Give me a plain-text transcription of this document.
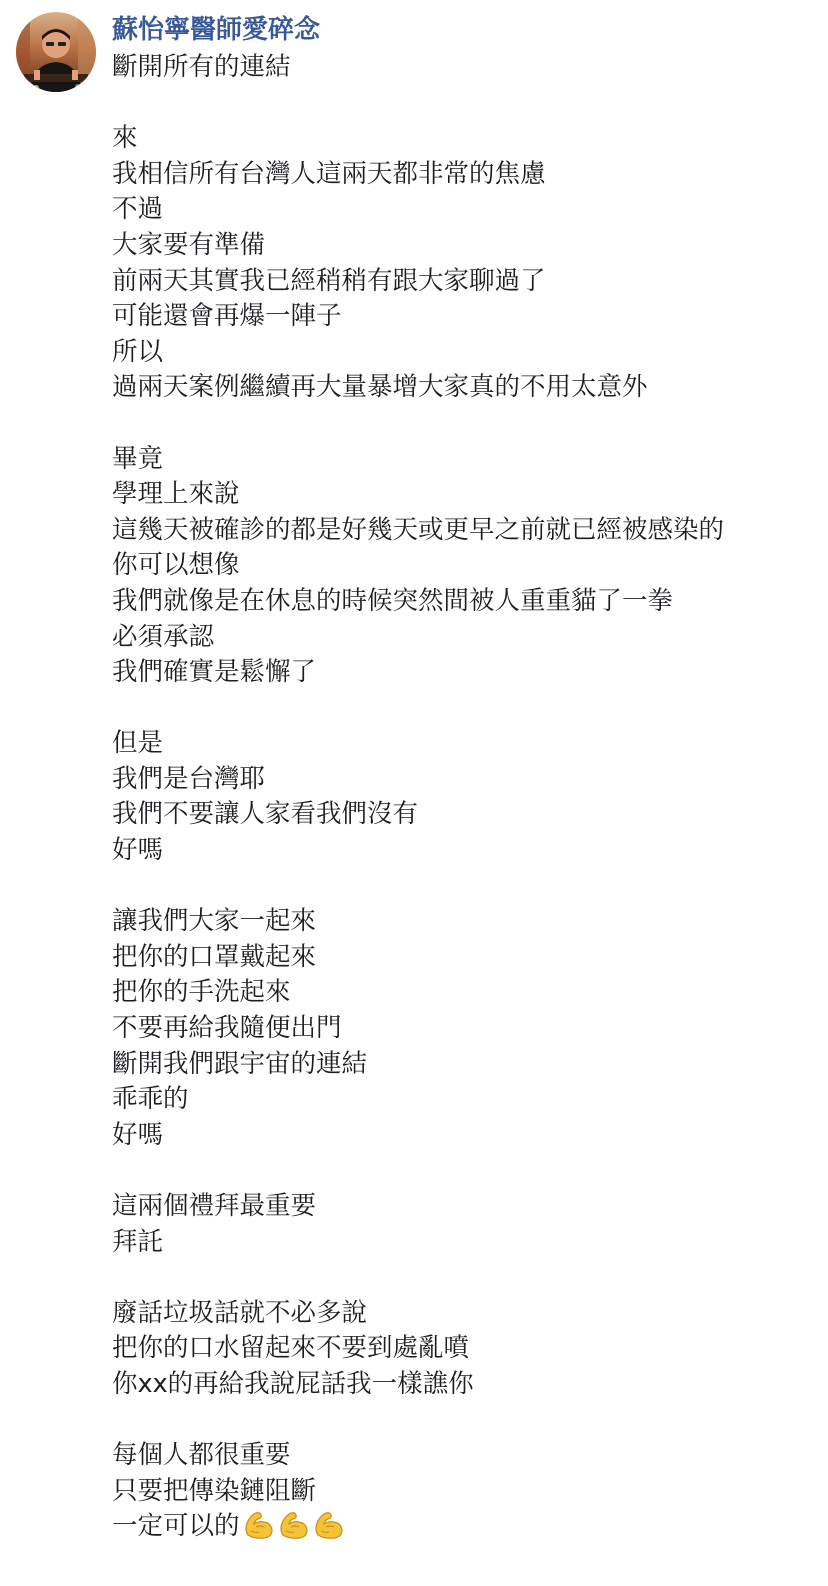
蘇怡寧醫師愛碎念
斷開所有的連結
來
我相信所有台灣人這兩天都非常的焦慮
不過
大家要有準備
前兩天其實我已經稍稍有跟大家聊過了
可能還會再爆一陣子
所以
過兩天案例繼續再大量暴增大家真的不用太意外
畢竟
學理上來說
這幾天被確診的都是好幾天或更早之前就已經被感染的
你可以想像
我們就像是在休息的時候突然間被人重重貓了一拳
必須承認
我們確實是鬆懈了
但是
我們是台灣耶
我們不要讓人家看我們沒有
好嗎
讓我們大家一起來
把你的口罩戴起來
把你的手洗起來
不要再給我隨便出門
斷開我們跟宇宙的連結
乖乖的
好嗎
這兩個禮拜最重要
拜託
廢話垃圾話就不必多說
把你的口水留起來不要到處亂噴
你xx的再給我說屁話我一樣譙你
每個人都很重要
只要把傳染鏈阻斷
一定可以的
